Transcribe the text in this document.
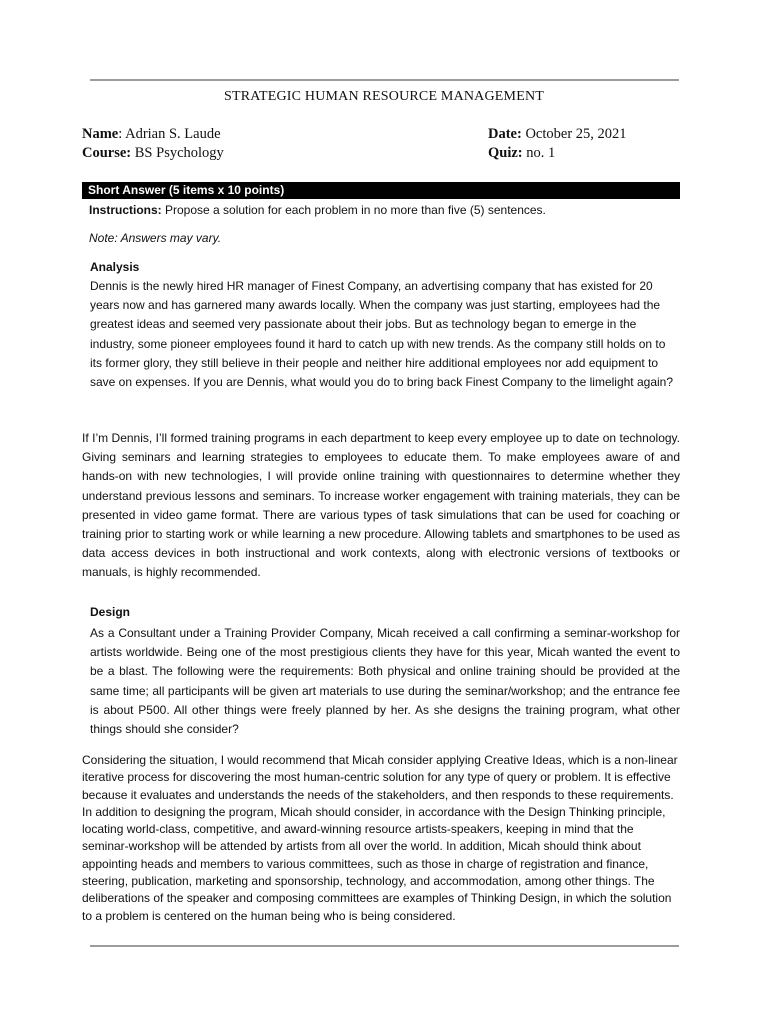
STRATEGIC HUMAN RESOURCE MANAGEMENT
Name: Adrian S. Laude
Course: BS Psychology
Date: October 25, 2021
Quiz: no. 1
Short Answer (5 items x 10 points)
Instructions: Propose a solution for each problem in no more than five (5) sentences.
Note: Answers may vary.
Analysis

Dennis is the newly hired HR manager of Finest Company, an advertising company that has existed for 20 years now and has garnered many awards locally. When the company was just starting, employees had the greatest ideas and seemed very passionate about their jobs. But as technology began to emerge in the industry, some pioneer employees found it hard to catch up with new trends. As the company still holds on to its former glory, they still believe in their people and neither hire additional employees nor add equipment to save on expenses. If you are Dennis, what would you do to bring back Finest Company to the limelight again?

If I’m Dennis, I’ll formed training programs in each department to keep every employee up to date on technology. Giving seminars and learning strategies to employees to educate them. To make employees aware of and hands-on with new technologies, I will provide online training with questionnaires to determine whether they understand previous lessons and seminars. To increase worker engagement with training materials, they can be presented in video game format. There are various types of task simulations that can be used for coaching or training prior to starting work or while learning a new procedure. Allowing tablets and smartphones to be used as data access devices in both instructional and work contexts, along with electronic versions of textbooks or manuals, is highly recommended.

Design

As a Consultant under a Training Provider Company, Micah received a call confirming a seminar-workshop for artists worldwide. Being one of the most prestigious clients they have for this year, Micah wanted the event to be a blast. The following were the requirements: Both physical and online training should be provided at the same time; all participants will be given art materials to use during the seminar/workshop; and the entrance fee is about P500. All other things were freely planned by her. As she designs the training program, what other things should she consider?

Considering the situation, I would recommend that Micah consider applying Creative Ideas, which is a non-linear iterative process for discovering the most human-centric solution for any type of query or problem. It is effective because it evaluates and understands the needs of the stakeholders, and then responds to these requirements. In addition to designing the program, Micah should consider, in accordance with the Design Thinking principle, locating world-class, competitive, and award-winning resource artists-speakers, keeping in mind that the seminar-workshop will be attended by artists from all over the world. In addition, Micah should think about appointing heads and members to various committees, such as those in charge of registration and finance, steering, publication, marketing and sponsorship, technology, and accommodation, among other things. The deliberations of the speaker and composing committees are examples of Thinking Design, in which the solution to a problem is centered on the human being who is being considered.
